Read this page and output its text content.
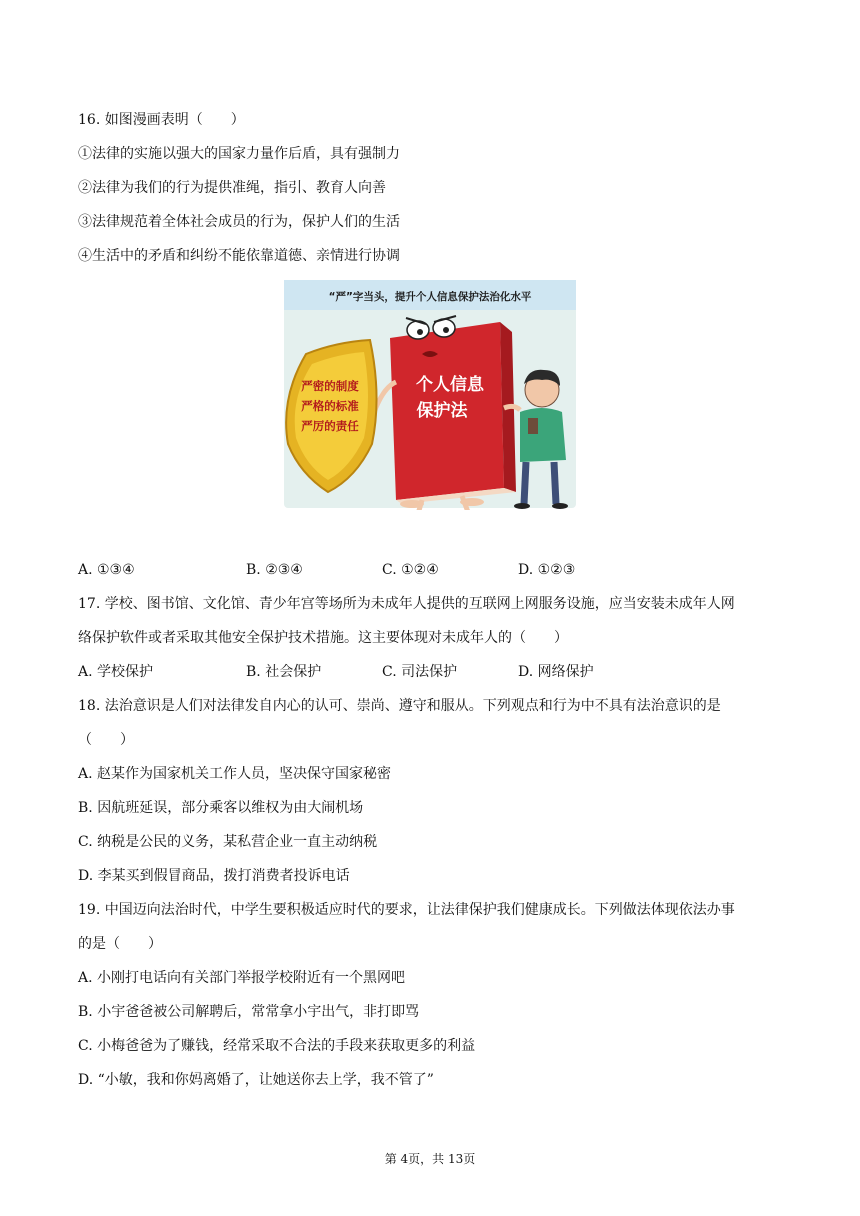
16. 如图漫画表明（　　）
①法律的实施以强大的国家力量作后盾，具有强制力
②法律为我们的行为提供准绳，指引、教育人向善
③法律规范着全体社会成员的行为，保护人们的生活
④生活中的矛盾和纠纷不能依靠道德、亲情进行协调
“严”字当头，提升个人信息保护法治化水平
个人信息
保护法
严密的制度
严格的标准
严厉的责任
A. ①③④	B. ②③④	C. ①②④	D. ①②③
17. 学校、图书馆、文化馆、青少年宫等场所为未成年人提供的互联网上网服务设施，应当安装未成年人网
络保护软件或者采取其他安全保护技术措施。这主要体现对未成年人的（　　）
A. 学校保护	B. 社会保护	C. 司法保护	D. 网络保护
18. 法治意识是人们对法律发自内心的认可、崇尚、遵守和服从。下列观点和行为中不具有法治意识的是
（　　）
A. 赵某作为国家机关工作人员，坚决保守国家秘密
B. 因航班延误，部分乘客以维权为由大闹机场
C. 纳税是公民的义务，某私营企业一直主动纳税
D. 李某买到假冒商品，拨打消费者投诉电话
19. 中国迈向法治时代，中学生要积极适应时代的要求，让法律保护我们健康成长。下列做法体现依法办事
的是（　　）
A. 小刚打电话向有关部门举报学校附近有一个黑网吧
B. 小宇爸爸被公司解聘后，常常拿小宇出气，非打即骂
C. 小梅爸爸为了赚钱，经常采取不合法的手段来获取更多的利益
D. “小敏，我和你妈离婚了，让她送你去上学，我不管了”
第 4页，共 13页
